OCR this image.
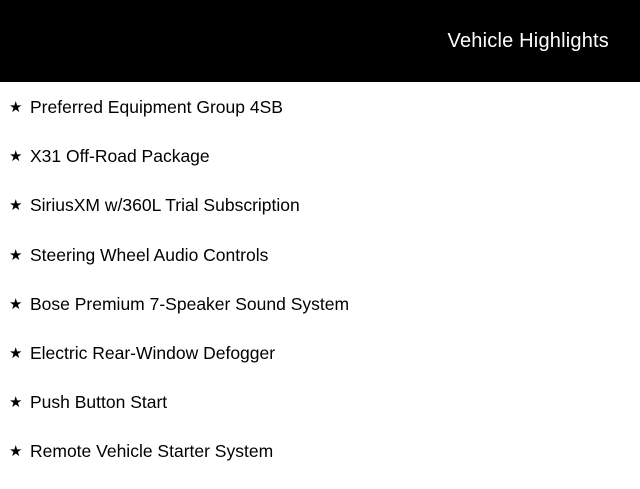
Vehicle Highlights
★ Preferred Equipment Group 4SB
★ X31 Off-Road Package
★ SiriusXM w/360L Trial Subscription
★ Steering Wheel Audio Controls
★ Bose Premium 7-Speaker Sound System
★ Electric Rear-Window Defogger
★ Push Button Start
★ Remote Vehicle Starter System
